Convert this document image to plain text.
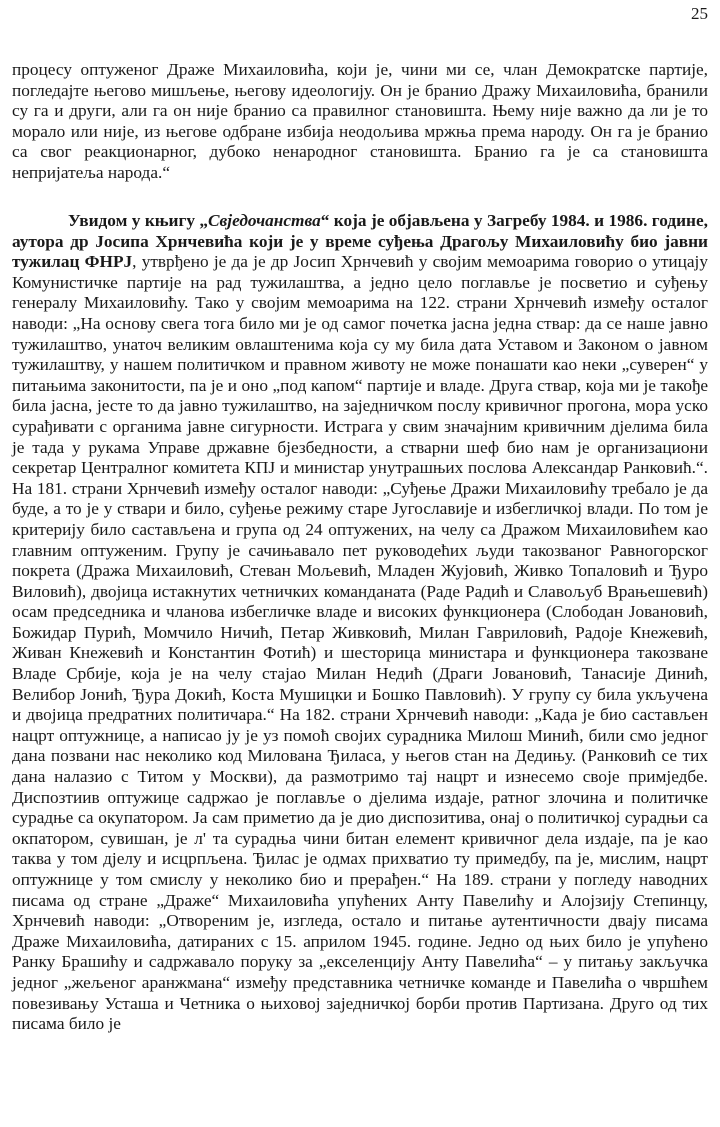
25

процесу оптуженог Драже Михаиловића, који је, чини ми се, члан Демократске партије, погледајте његово мишљење, његову идеологију. Он је бранио Дражу Михаиловића, бранили су га и други, али га он није бранио са правилног становишта. Њему није важно да ли је то морало или није, из његове одбране избија неодољива мржња према народу. Он га је бранио са свог реакционарног, дубоко ненародног становишта. Бранио га је са становишта непријатеља народа.“

Увидом у књигу „Свједочанства“ која је објављена у Загребу 1984. и 1986. године, аутора др Јосипа Хрнчевића који је у време суђења Драгољу Михаиловићу био јавни тужилац ФНРЈ, утврђено је да је др Јосип Хрнчевић у својим мемоарима говорио о утицају Комунистичке партије на рад тужилаштва, а једно цело поглавље је посветио и суђењу генералу Михаиловићу. Тако у својим мемоарима на 122. страни Хрнчевић између осталог наводи: „На основу свега тога било ми је од самог почетка јасна једна ствар: да се наше јавно тужилаштво, унаточ великим овлаштенима која су му била дата Уставом и Законом о јавном тужилаштву, у нашем политичком и правном животу не може понашати као неки „суверен“ у питањима законитости, па је и оно „под капом“ партије и владе. Друга ствар, која ми је такође била јасна, јесте то да јавно тужилаштво, на заједничком послу кривичног прогона, мора уско сурађивати с органима јавне сигурности. Истрага у свим значајним кривичним дјелима била је тада у рукама Управе државне бјезбедности, а стварни шеф био нам је организациони секретар Централног комитета КПЈ и министар унутрашњих послова Александар Ранковић.“. На 181. страни Хрнчевић између осталог наводи: „Суђење Дражи Михаиловићу требало је да буде, а то је у ствари и било, суђење режиму старе Југославије и избегличкој влади. По том је критерију било састављена и група од 24 оптужених, на челу са Дражом Михаиловићем као главним оптуженим. Групу је сачињавало пет руководећих људи такозваног Равногорског покрета (Дража Михаиловић, Стеван Мољевић, Младен Жујовић, Живко Топаловић и Ђуро Виловић), двојица истакнутих четничких команданата (Раде Радић и Славољуб Врањешевић) осам председника и чланова избегличке владе и високих функционера (Слободан Јовановић, Божидар Пурић, Момчило Ничић, Петар Живковић, Милан Гавриловић, Радоје Кнежевић, Живан Кнежевић и Константин Фотић) и шесторица министара и функционера такозване Владе Србије, која је на челу стајао Милан Недић (Драги Јовановић, Танасије Динић, Велибор Јонић, Ђура Докић, Коста Мушицки и Бошко Павловић). У групу су била укључена и двојица предратних политичара.“ На 182. страни Хрнчевић наводи: „Када је био састављен нацрт оптужнице, а написао ју је уз помоћ својих сурадника Милош Минић, били смо једног дана позвани нас неколико код Милована Ђиласа, у његов стан на Дедињу. (Ранковић се тих дана налазио с Титом у Москви), да размотримо тај нацрт и изнесемо своје примједбе. Диспозтиив оптужице садржао је поглавље о дјелима издаје, ратног злочина и политичке сурадње са окупатором. Ја сам приметио да је дио диспозитива, онај о политичкој сурадњи са окпатором, сувишан, је л' та сурадња чини битан елемент кривичног дела издаје, па је као таква у том дјелу и исцрпљена. Ђилас је одмах прихватио ту примедбу, па је, мислим, нацрт оптужнице у том смислу у неколико био и прерађен.“ На 189. страни у погледу наводних писама од стране „Драже“ Михаиловића упућених Анту Павелићу и Алојзију Степинцу, Хрнчевић наводи: „Отвореним је, изгледа, остало и питање аутентичности двају писама Драже Михаиловића, датираних с 15. априлом 1945. године. Једно од њих било је упућено Ранку Брашићу и садржавало поруку за „екселенцију Анту Павелића“ – у питању закључка једног „жељеног аранжмана“ између представника четничке команде и Павелића о чвршћем повезивању Усташа и Четника о њиховој заједничкој борби против Партизана. Друго од тих писама било је
